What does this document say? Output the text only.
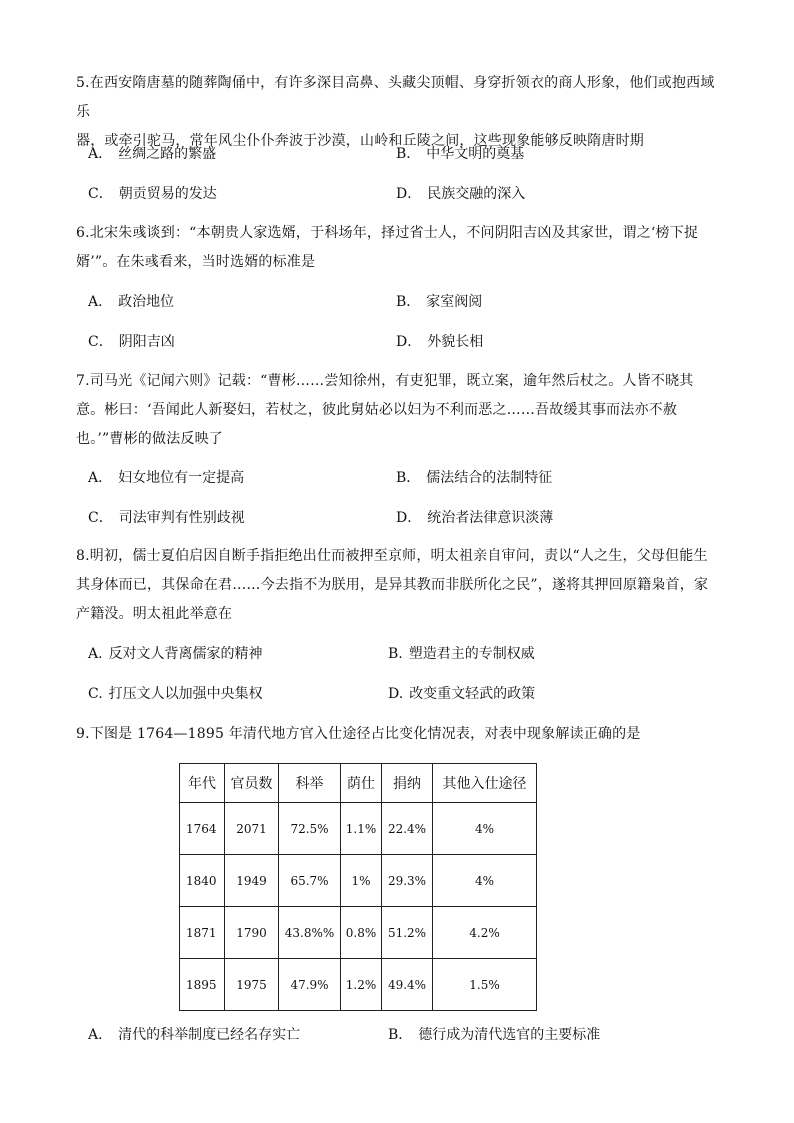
5.在西安隋唐墓的随葬陶俑中，有许多深目高鼻、头藏尖顶帽、身穿折领衣的商人形象，他们或抱西域乐
器，或牵引驼马，常年风尘仆仆奔波于沙漠，山岭和丘陵之间，这些现象能够反映隋唐时期

A． 丝绸之路的繁盛	B． 中华文明的奠基
C． 朝贡贸易的发达	D． 民族交融的深入

6.北宋朱彧谈到：“本朝贵人家选婿，于科场年，择过省士人，不问阴阳吉凶及其家世，谓之‘榜下捉
婿’”。在朱彧看来，当时选婿的标准是

A． 政治地位	B． 家室阀阅
C． 阴阳吉凶	D． 外貌长相

7.司马光《记闻六则》记载：“曹彬……尝知徐州，有吏犯罪，既立案，逾年然后杖之。人皆不晓其
意。彬曰：‘吾闻此人新娶妇，若杖之，彼此舅姑必以妇为不利而恶之……吾故缓其事而法亦不赦
也。’”曹彬的做法反映了

A． 妇女地位有一定提高	B． 儒法结合的法制特征
C． 司法审判有性别歧视	D． 统治者法律意识淡薄

8.明初，儒士夏伯启因自断手指拒绝出仕而被押至京师，明太祖亲自审问，责以“人之生，父母但能生
其身体而已，其保命在君……今去指不为朕用，是异其教而非朕所化之民”，遂将其押回原籍枭首，家
产籍没。明太祖此举意在

A. 反对文人背离儒家的精神	B. 塑造君主的专制权威
C. 打压文人以加强中央集权	D. 改变重文轻武的政策

9.下图是 1764—1895 年清代地方官入仕途径占比变化情况表，对表中现象解读正确的是

年代	官员数	科举	荫仕	捐纳	其他入仕途径
1764	2071	72.5%	1.1%	22.4%	4%
1840	1949	65.7%	1%	29.3%	4%
1871	1790	43.8%%	0.8%	51.2%	4.2%
1895	1975	47.9%	1.2%	49.4%	1.5%
A． 清代的科举制度已经名存实亡	B． 德行成为清代选官的主要标准
